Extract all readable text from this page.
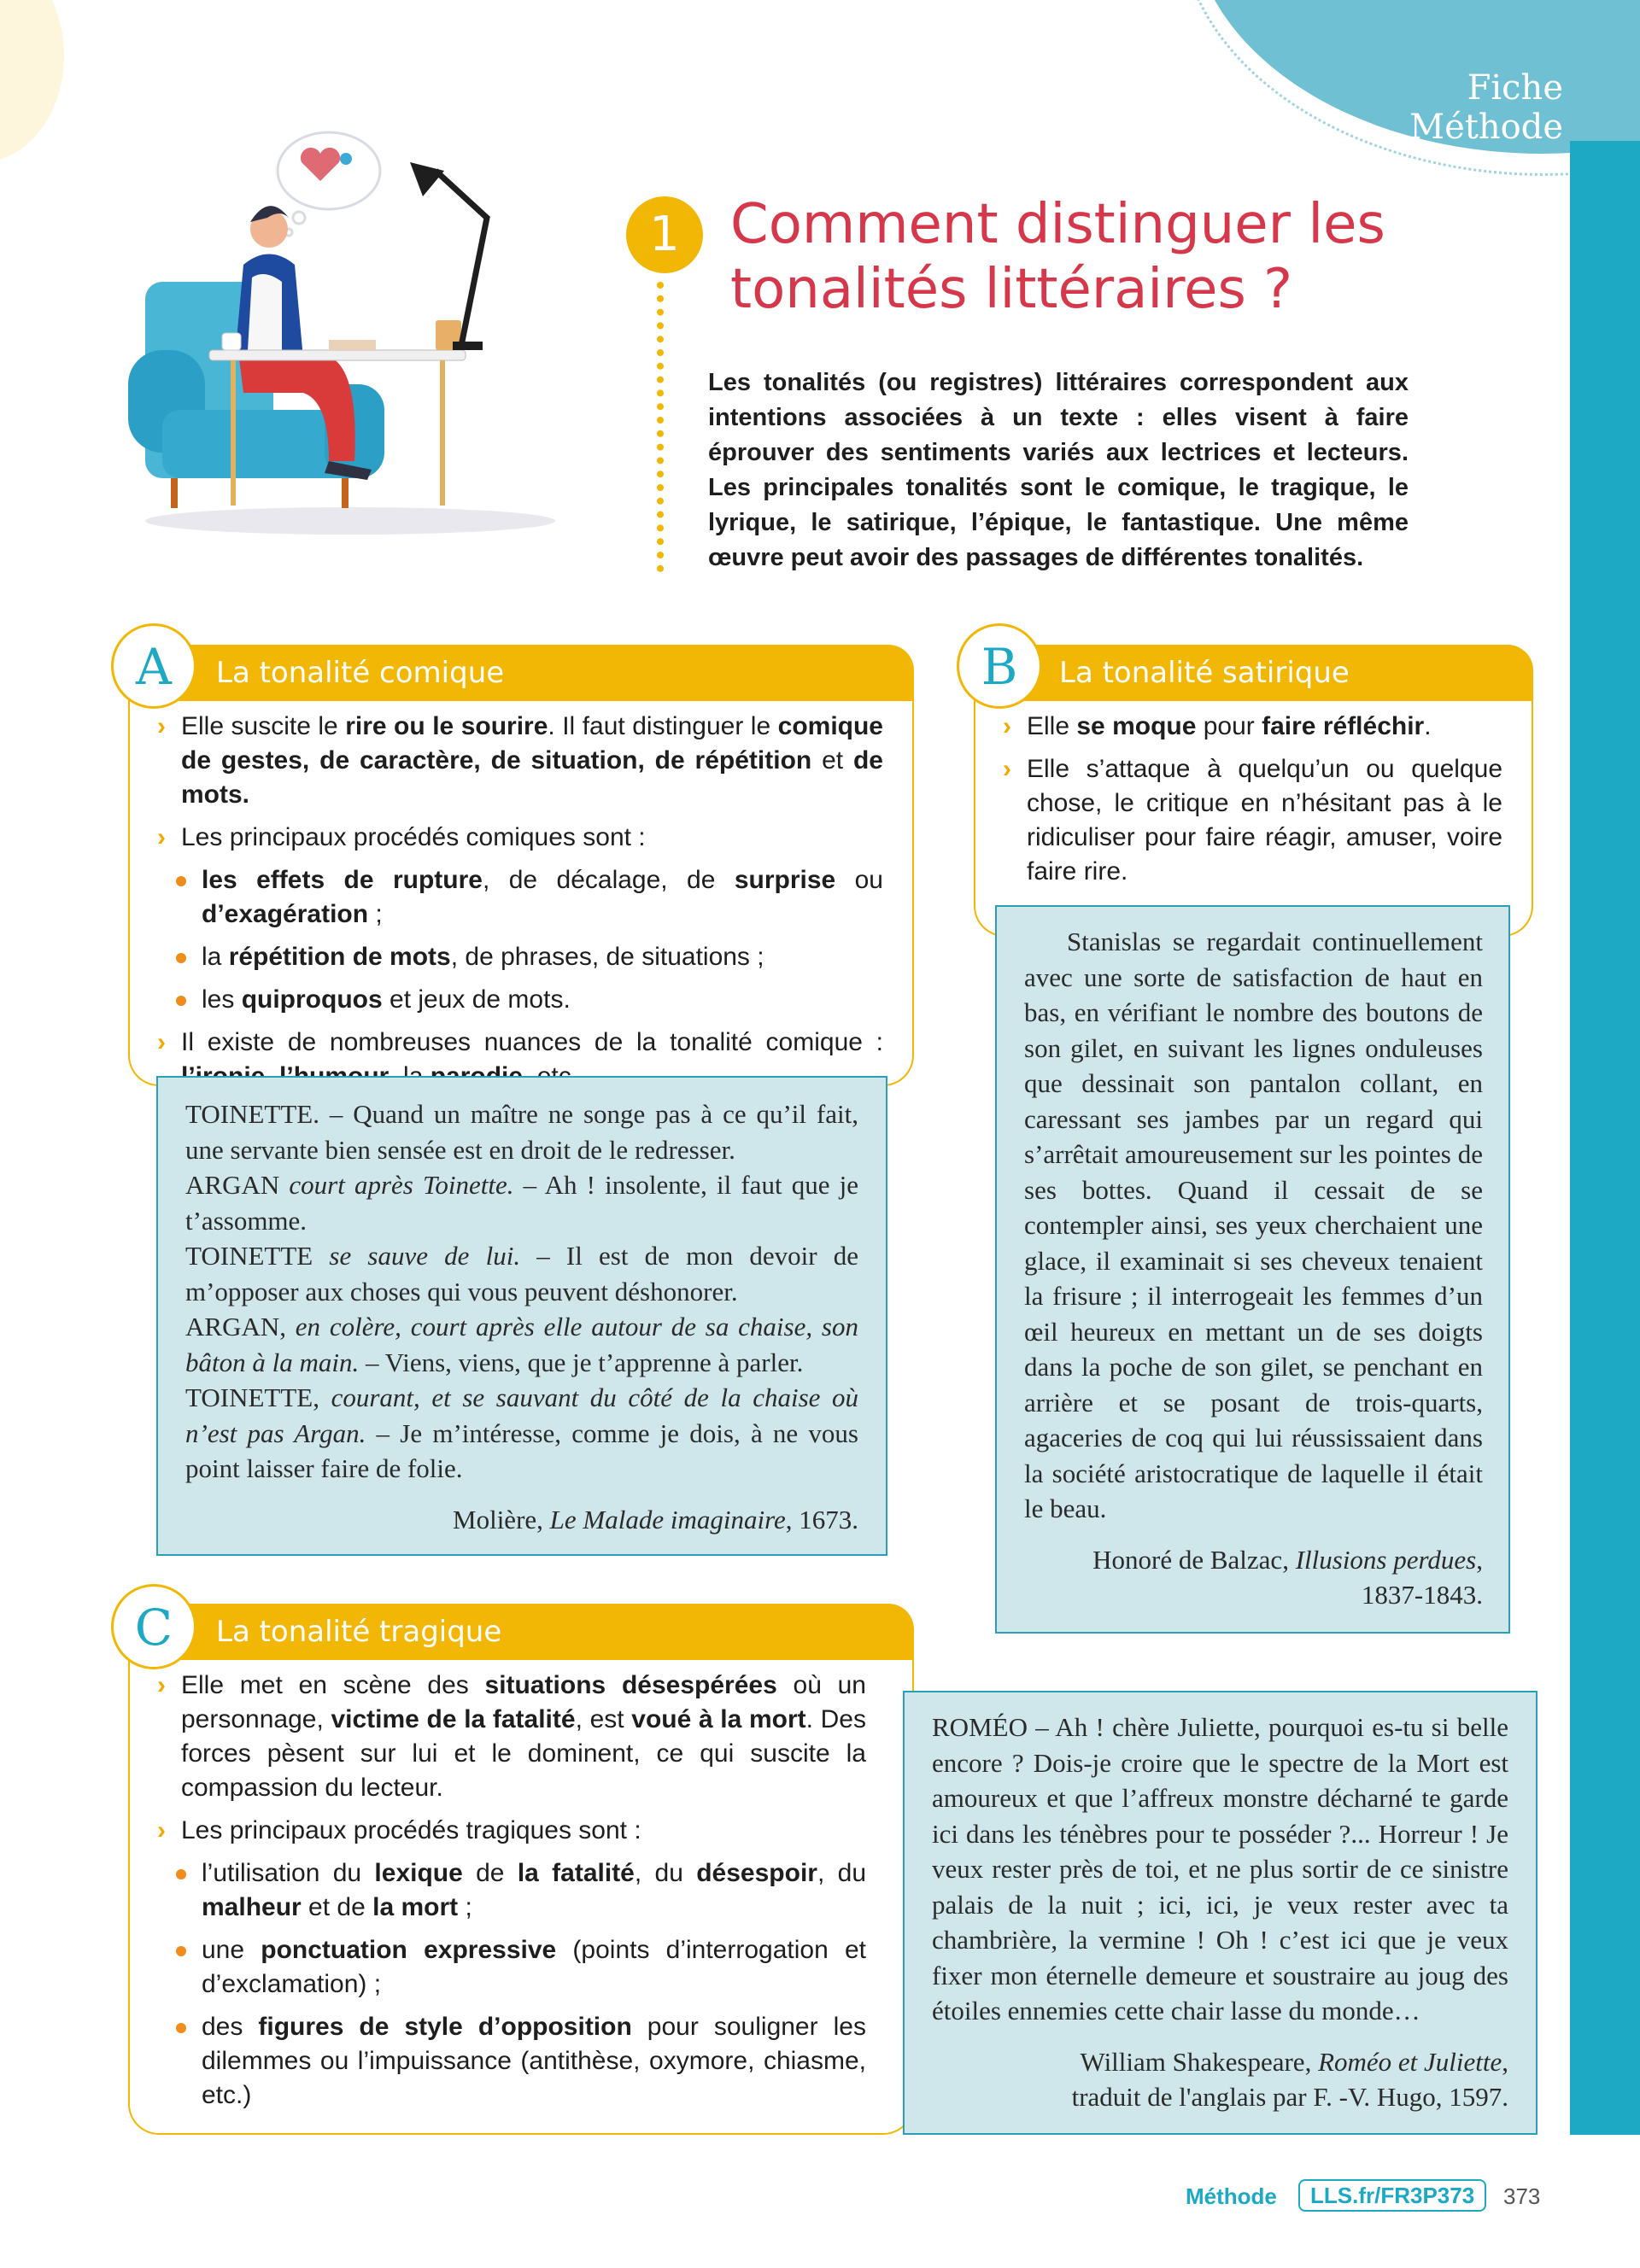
Fiche Méthode
1 Comment distinguer les
tonalités littéraires ?
Les tonalités (ou registres) littéraires correspondent aux intentions associées à un texte : elles visent à faire éprouver des sentiments variés aux lectrices et lecteurs. Les principales tonalités sont le comique, le tragique, le lyrique, le satirique, l’épique, le fantastique. Une même œuvre peut avoir des passages de différentes tonalités.
La tonalité comique
› Elle suscite le rire ou le sourire. Il faut distinguer le comique de gestes, de caractère, de situation, de répétition et de mots.
› Les principaux procédés comiques sont :
les effets de rupture, de décalage, de surprise ou d’exagération ;
la répétition de mots, de phrases, de situations ;
les quiproquos et jeux de mots.
› Il existe de nombreuses nuances de la tonalité comique :
A
TOINETTE. – Quand un maître ne songe pas à ce qu’il fait, une servante bien sensée est en droit de le redresser.
ARGAN court après Toinette. – Ah ! insolente, il faut que je t’assomme.
TOINETTE se sauve de lui. – Il est de mon devoir de m’opposer aux choses qui vous peuvent déshonorer.
ARGAN, en colère, court après elle autour de sa chaise, son bâton à la main. – Viens, viens, que je t’apprenne à parler.
TOINETTE, courant, et se sauvant du côté de la chaise où n’est pas Argan. – Je m’intéresse, comme je dois, à ne vous point laisser faire de folie.
Molière, Le Malade imaginaire, 1673.
La tonalité satirique
› Elle se moque pour faire réfléchir.
› Elle s’attaque à quelqu’un ou quelque chose, le critique en n’hésitant pas à le ridiculiser pour faire réagir, amuser, voire faire rire.
B
Stanislas se regardait continuellement avec une sorte de satisfaction de haut en bas, en vérifiant le nombre des boutons de son gilet, en suivant les lignes onduleuses que dessinait son pantalon collant, en caressant ses jambes par un regard qui s’arrêtait amoureusement sur les pointes de ses bottes. Quand il cessait de se contempler ainsi, ses yeux cherchaient une glace, il examinait si ses cheveux tenaient la frisure ; il interrogeait les femmes d’un œil heureux en mettant un de ses doigts dans la poche de son gilet, se penchant en arrière et se posant de trois-quarts, agaceries de coq qui lui réussissaient dans la société aristocratique de laquelle il était le beau.
Honoré de Balzac, Illusions perdues,
1837-1843.
La tonalité tragique
› Elle met en scène des situations désespérées où un personnage, victime de la fatalité, est voué à la mort. Des forces pèsent sur lui et le dominent, ce qui suscite la compassion du lecteur.
› Les principaux procédés tragiques sont :
l’utilisation du lexique de la fatalité, du désespoir, du malheur et de la mort ;
une ponctuation expressive (points d’interrogation et d’exclamation) ;
des figures de style d’opposition pour souligner les dilemmes ou l’impuissance (antithèse, oxymore, chiasme, etc.)
C
ROMÉO – Ah ! chère Juliette, pourquoi es-tu si belle encore ? Dois-je croire que le spectre de la Mort est amoureux et que l’affreux monstre décharné te garde ici dans les ténèbres pour te posséder ?... Horreur ! Je veux rester près de toi, et ne plus sortir de ce sinistre palais de la nuit ; ici, ici, je veux rester avec ta chambrière, la vermine ! Oh ! c’est ici que je veux fixer mon éternelle demeure et soustraire au joug des étoiles ennemies cette chair lasse du monde…
William Shakespeare, Roméo et Juliette,
traduit de l'anglais par F. -V. Hugo, 1597.
Méthode	LLS.fr/FR3P373	373
